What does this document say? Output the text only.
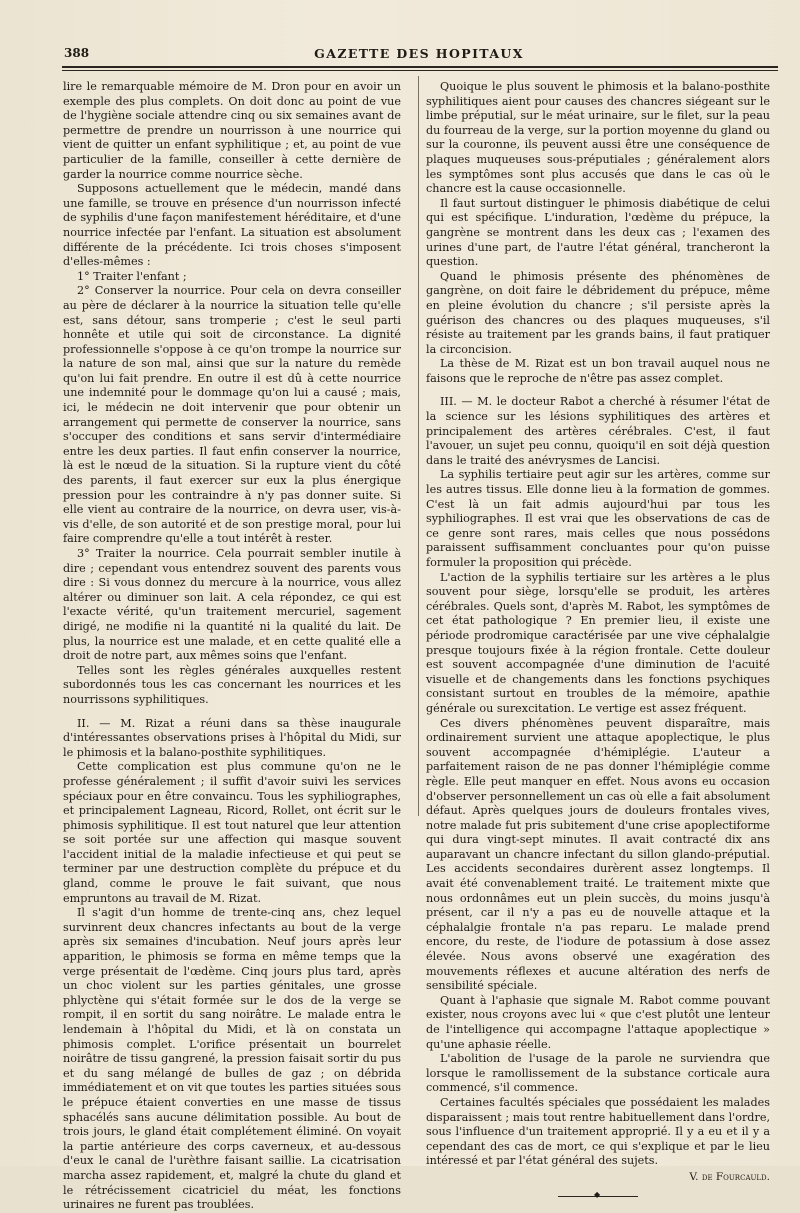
388	GAZETTE DES HOPITAUX

lire le remarquable mémoire de M. Dron pour en avoir un exemple des plus complets. On doit donc au point de vue de l'hygiène sociale attendre cinq ou six semaines avant de permettre de prendre un nourrisson à une nourrice qui vient de quitter un enfant syphilitique ; et, au point de vue particulier de la famille, conseiller à cette dernière de garder la nourrice comme nourrice sèche.

Supposons actuellement que le médecin, mandé dans une famille, se trouve en présence d'un nourrisson infecté de syphilis d'une façon manifestement héréditaire, et d'une nourrice infectée par l'enfant. La situation est absolument différente de la précédente. Ici trois choses s'imposent d'elles-mêmes :

1° Traiter l'enfant ;

2° Conserver la nourrice. Pour cela on devra conseiller au père de déclarer à la nourrice la situation telle qu'elle est, sans détour, sans tromperie ; c'est le seul parti honnête et utile qui soit de circonstance. La dignité professionnelle s'oppose à ce qu'on trompe la nourrice sur la nature de son mal, ainsi que sur la nature du remède qu'on lui fait prendre. En outre il est dû à cette nourrice une indemnité pour le dommage qu'on lui a causé ; mais, ici, le médecin ne doit intervenir que pour obtenir un arrangement qui permette de conserver la nourrice, sans s'occuper des conditions et sans servir d'intermédiaire entre les deux parties. Il faut enfin conserver la nourrice, là est le nœud de la situation. Si la rupture vient du côté des parents, il faut exercer sur eux la plus énergique pression pour les contraindre à n'y pas donner suite. Si elle vient au contraire de la nourrice, on devra user, vis-à-vis d'elle, de son autorité et de son prestige moral, pour lui faire comprendre qu'elle a tout intérêt à rester.

3° Traiter la nourrice. Cela pourrait sembler inutile à dire ; cependant vous entendrez souvent des parents vous dire : Si vous donnez du mercure à la nourrice, vous allez altérer ou diminuer son lait. A cela répondez, ce qui est l'exacte vérité, qu'un traitement mercuriel, sagement dirigé, ne modifie ni la quantité ni la qualité du lait. De plus, la nourrice est une malade, et en cette qualité elle a droit de notre part, aux mêmes soins que l'enfant.

Telles sont les règles générales auxquelles restent subordonnés tous les cas concernant les nourrices et les nourrissons syphilitiques.

II. — M. Rizat a réuni dans sa thèse inaugurale d'intéressantes observations prises à l'hôpital du Midi, sur le phimosis et la balano-posthite syphilitiques.

Cette complication est plus commune qu'on ne le professe généralement ; il suffit d'avoir suivi les services spéciaux pour en être convaincu. Tous les syphiliographes, et principalement Lagneau, Ricord, Rollet, ont écrit sur le phimosis syphilitique. Il est tout naturel que leur attention se soit portée sur une affection qui masque souvent l'accident initial de la maladie infectieuse et qui peut se terminer par une destruction complète du prépuce et du gland, comme le prouve le fait suivant, que nous empruntons au travail de M. Rizat.

Il s'agit d'un homme de trente-cinq ans, chez lequel survinrent deux chancres infectants au bout de la verge après six semaines d'incubation. Neuf jours après leur apparition, le phimosis se forma en même temps que la verge présentait de l'œdème. Cinq jours plus tard, après un choc violent sur les parties génitales, une grosse phlyctène qui s'était formée sur le dos de la verge se rompit, il en sortit du sang noirâtre. Le malade entra le lendemain à l'hôpital du Midi, et là on constata un phimosis complet. L'orifice présentait un bourrelet noirâtre de tissu gangrené, la pression faisait sortir du pus et du sang mélangé de bulles de gaz ; on débrida immédiatement et on vit que toutes les parties situées sous le prépuce étaient converties en une masse de tissus sphacélés sans aucune délimitation possible. Au bout de trois jours, le gland était complétement éliminé. On voyait la partie antérieure des corps caverneux, et au-dessous d'eux le canal de l'urèthre faisant saillie. La cicatrisation marcha assez rapidement, et, malgré la chute du gland et le rétrécissement cicatriciel du méat, les fonctions urinaires ne furent pas troublées.

Quoique le plus souvent le phimosis et la balano-posthite syphilitiques aient pour causes des chancres siégeant sur le limbe préputial, sur le méat urinaire, sur le filet, sur la peau du fourreau de la verge, sur la portion moyenne du gland ou sur la couronne, ils peuvent aussi être une conséquence de plaques muqueuses sous-préputiales ; généralement alors les symptômes sont plus accusés que dans le cas où le chancre est la cause occasionnelle.

Il faut surtout distinguer le phimosis diabétique de celui qui est spécifique. L'induration, l'œdème du prépuce, la gangrène se montrent dans les deux cas ; l'examen des urines d'une part, de l'autre l'état général, trancheront la question.

Quand le phimosis présente des phénomènes de gangrène, on doit faire le débridement du prépuce, même en pleine évolution du chancre ; s'il persiste après la guérison des chancres ou des plaques muqueuses, s'il résiste au traitement par les grands bains, il faut pratiquer la circoncision.

La thèse de M. Rizat est un bon travail auquel nous ne faisons que le reproche de n'être pas assez complet.

III. — M. le docteur Rabot a cherché à résumer l'état de la science sur les lésions syphilitiques des artères et principalement des artères cérébrales. C'est, il faut l'avouer, un sujet peu connu, quoiqu'il en soit déjà question dans le traité des anévrysmes de Lancisi.

La syphilis tertiaire peut agir sur les artères, comme sur les autres tissus. Elle donne lieu à la formation de gommes. C'est là un fait admis aujourd'hui par tous les syphiliographes. Il est vrai que les observations de cas de ce genre sont rares, mais celles que nous possédons paraissent suffisamment concluantes pour qu'on puisse formuler la proposition qui précède.

L'action de la syphilis tertiaire sur les artères a le plus souvent pour siège, lorsqu'elle se produit, les artères cérébrales. Quels sont, d'après M. Rabot, les symptômes de cet état pathologique ? En premier lieu, il existe une période prodromique caractérisée par une vive céphalalgie presque toujours fixée à la région frontale. Cette douleur est souvent accompagnée d'une diminution de l'acuité visuelle et de changements dans les fonctions psychiques consistant surtout en troubles de la mémoire, apathie générale ou surexcitation. Le vertige est assez fréquent.

Ces divers phénomènes peuvent disparaître, mais ordinairement survient une attaque apoplectique, le plus souvent accompagnée d'hémiplégie. L'auteur a parfaitement raison de ne pas donner l'hémiplégie comme règle. Elle peut manquer en effet. Nous avons eu occasion d'observer personnellement un cas où elle a fait absolument défaut. Après quelques jours de douleurs frontales vives, notre malade fut pris subitement d'une crise apoplectiforme qui dura vingt-sept minutes. Il avait contracté dix ans auparavant un chancre infectant du sillon glando-préputial. Les accidents secondaires durèrent assez longtemps. Il avait été convenablement traité. Le traitement mixte que nous ordonnâmes eut un plein succès, du moins jusqu'à présent, car il n'y a pas eu de nouvelle attaque et la céphalalgie frontale n'a pas reparu. Le malade prend encore, du reste, de l'iodure de potassium à dose assez élevée. Nous avons observé une exagération des mouvements réflexes et aucune altération des nerfs de sensibilité spéciale.

Quant à l'aphasie que signale M. Rabot comme pouvant exister, nous croyons avec lui « que c'est plutôt une lenteur de l'intelligence qui accompagne l'attaque apoplectique » qu'une aphasie réelle.

L'abolition de l'usage de la parole ne surviendra que lorsque le ramollissement de la substance corticale aura commencé, s'il commence.

Certaines facultés spéciales que possédaient les malades disparaissent ; mais tout rentre habituellement dans l'ordre, sous l'influence d'un traitement approprié. Il y a eu et il y a cependant des cas de mort, ce qui s'explique et par le lieu intéressé et par l'état général des sujets.
V. de Fourcauld.
◆
